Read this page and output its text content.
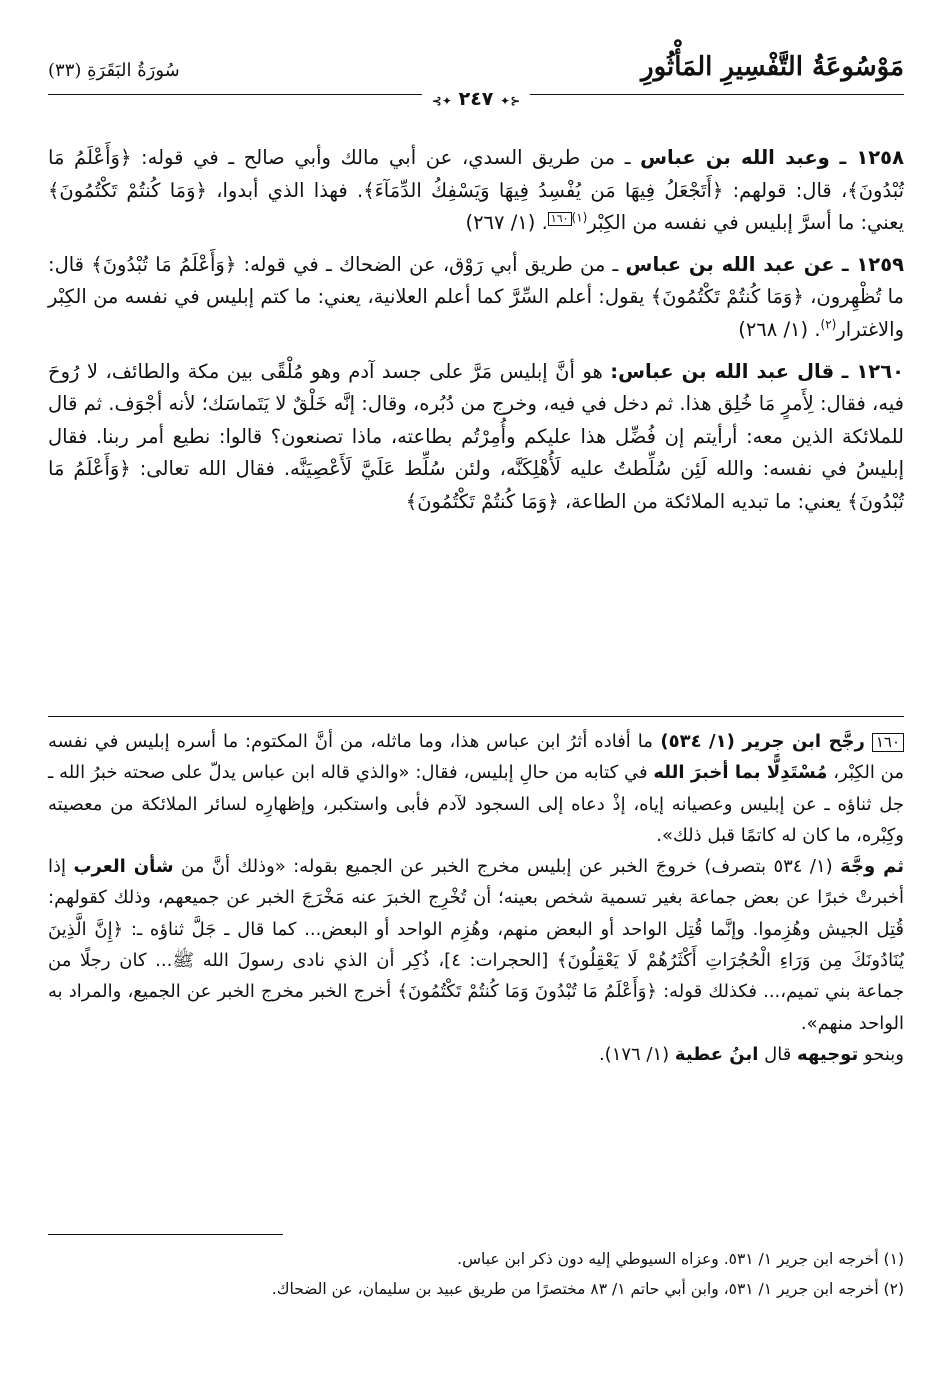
مَوْسُوعَةُ التَّفْسِيرِ المَأْثُورِ
سُورَةُ البَقَرَةِ (٣٣)
⊰✦ ٢٤٧ ✦⊱

١٢٥٨ ـ وعبد الله بن عباس ـ من طريق السدي، عن أبي مالك وأبي صالح ـ في قوله: ﴿وَأَعْلَمُ مَا تُبْدُونَ﴾، قال: قولهم: ﴿أَتَجْعَلُ فِيهَا مَن يُفْسِدُ فِيهَا وَيَسْفِكُ الدِّمَآءَ﴾. فهذا الذي أبدوا، ﴿وَمَا كُنتُمْ تَكْتُمُونَ﴾ يعني: ما أسرَّ إبليس في نفسه من الكِبْر$^{(١)}$١٦٠. (١/ ٢٦٧)

١٢٥٩ ـ عن عبد الله بن عباس ـ من طريق أبي رَوْق، عن الضحاك ـ في قوله: ﴿وَأَعْلَمُ مَا تُبْدُونَ﴾ قال: ما تُظْهِرون، ﴿وَمَا كُنتُمْ تَكْتُمُونَ﴾ يقول: أعلم السِّرَّ كما أعلم العلانية، يعني: ما كتم إبليس في نفسه من الكِبْر والاغترار$^{(٢)}$. (١/ ٢٦٨)

١٢٦٠ ـ قال عبد الله بن عباس: هو أنَّ إبليس مَرَّ على جسد آدم وهو مُلْقًى بين مكة والطائف، لا رُوحَ فيه، فقال: لِأَمرٍ مَا خُلِق هذا. ثم دخل في فيه، وخرج من دُبُره، وقال: إنَّه خَلْقٌ لا يَتَماسَك؛ لأنه أجْوَف. ثم قال للملائكة الذين معه: أرأيتم إن فُضِّل هذا عليكم وأُمِرْتُم بطاعته، ماذا تصنعون؟ قالوا: نطيع أمر ربنا. فقال إبليسُ في نفسه: والله لَئِن سُلِّطتُ عليه لَأُهْلِكَنَّه، ولئن سُلِّط عَلَيَّ لَأَعْصِيَنَّه. فقال الله تعالى: ﴿وَأَعْلَمُ مَا تُبْدُونَ﴾ يعني: ما تبديه الملائكة من الطاعة، ﴿وَمَا كُنتُمْ تَكْتُمُونَ﴾

١٦٠ رجَّح ابن جرير (١/ ٥٣٤) ما أفاده أثرُ ابن عباس هذا، وما ماثله، من أنَّ المكتوم: ما أسره إبليس في نفسه من الكِبْر، مُسْتَدِلًّا بما أخبرَ الله في كتابه من حالِ إبليس، فقال: «والذي قاله ابن عباس يدلّ على صحته خبرُ الله ـ جل ثناؤه ـ عن إبليس وعصيانه إياه، إذْ دعاه إلى السجود لآدم فأبى واستكبر، وإظهارِه لسائر الملائكة من معصيته وكِبْره، ما كان له كاتمًا قبل ذلك».

ثم وجَّهَ (١/ ٥٣٤ بتصرف) خروجَ الخبر عن إبليس مخرج الخبر عن الجميع بقوله: «وذلك أنَّ من شأن العرب إذا أخبرتْ خبرًا عن بعض جماعة بغير تسمية شخص بعينه؛ أن تُخْرِج الخبرَ عنه مَخْرَجَ الخبر عن جميعهم، وذلك كقولهم: قُتِل الجيش وهُزِموا. وإنَّما قُتِل الواحد أو البعض منهم، وهُزِم الواحد أو البعض... كما قال ـ جَلَّ ثناؤه ـ: ﴿إِنَّ الَّذِينَ يُنَادُونَكَ مِن وَرَاءِ الْحُجُرَاتِ أَكْثَرُهُمْ لَا يَعْقِلُونَ﴾ [الحجرات: ٤]، ذُكِر أن الذي نادى رسولَ الله ﷺ... كان رجلًا من جماعة بني تميم،... فكذلك قوله: ﴿وَأَعْلَمُ مَا تُبْدُونَ وَمَا كُنتُمْ تَكْتُمُونَ﴾ أخرج الخبر مخرج الخبر عن الجميع، والمراد به الواحد منهم».

وبنحو توجيهه قال ابنُ عطية (١/ ١٧٦).

(١) أخرجه ابن جرير ١/ ٥٣١. وعزاه السيوطي إليه دون ذكر ابن عباس.

(٢) أخرجه ابن جرير ١/ ٥٣١، وابن أبي حاتم ١/ ٨٣ مختصرًا من طريق عبيد بن سليمان، عن الضحاك.
